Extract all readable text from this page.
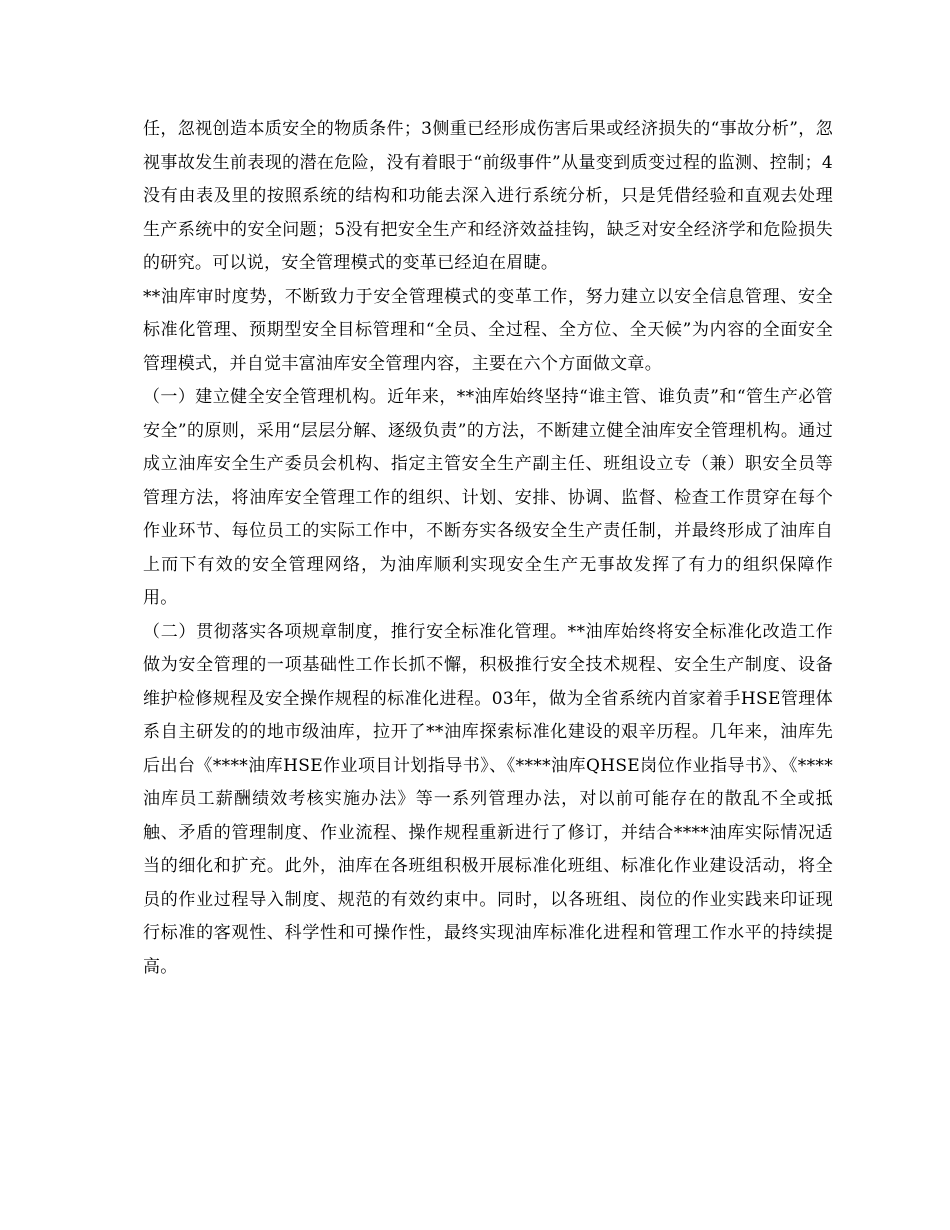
任，忽视创造本质安全的物质条件；3侧重已经形成伤害后果或经济损失的“事故分析”，忽视事故发生前表现的潜在危险，没有着眼于“前级事件”从量变到质变过程的监测、控制；4没有由表及里的按照系统的结构和功能去深入进行系统分析，只是凭借经验和直观去处理生产系统中的安全问题；5没有把安全生产和经济效益挂钩，缺乏对安全经济学和危险损失的研究。可以说，安全管理模式的变革已经迫在眉睫。

**油库审时度势，不断致力于安全管理模式的变革工作，努力建立以安全信息管理、安全标准化管理、预期型安全目标管理和“全员、全过程、全方位、全天候”为内容的全面安全管理模式，并自觉丰富油库安全管理内容，主要在六个方面做文章。

（一）建立健全安全管理机构。近年来，**油库始终坚持“谁主管、谁负责”和“管生产必管安全”的原则，采用“层层分解、逐级负责”的方法，不断建立健全油库安全管理机构。通过成立油库安全生产委员会机构、指定主管安全生产副主任、班组设立专（兼）职安全员等管理方法，将油库安全管理工作的组织、计划、安排、协调、监督、检查工作贯穿在每个作业环节、每位员工的实际工作中，不断夯实各级安全生产责任制，并最终形成了油库自上而下有效的安全管理网络，为油库顺利实现安全生产无事故发挥了有力的组织保障作用。

（二）贯彻落实各项规章制度，推行安全标准化管理。**油库始终将安全标准化改造工作做为安全管理的一项基础性工作长抓不懈，积极推行安全技术规程、安全生产制度、设备维护检修规程及安全操作规程的标准化进程。03年，做为全省系统内首家着手HSE管理体系自主研发的的地市级油库，拉开了**油库探索标准化建设的艰辛历程。几年来，油库先后出台《****油库HSE作业项目计划指导书》、《****油库QHSE岗位作业指导书》、《****油库员工薪酬绩效考核实施办法》等一系列管理办法，对以前可能存在的散乱不全或抵触、矛盾的管理制度、作业流程、操作规程重新进行了修订，并结合****油库实际情况适当的细化和扩充。此外，油库在各班组积极开展标准化班组、标准化作业建设活动，将全员的作业过程导入制度、规范的有效约束中。同时，以各班组、岗位的作业实践来印证现行标准的客观性、科学性和可操作性，最终实现油库标准化进程和管理工作水平的持续提高。
